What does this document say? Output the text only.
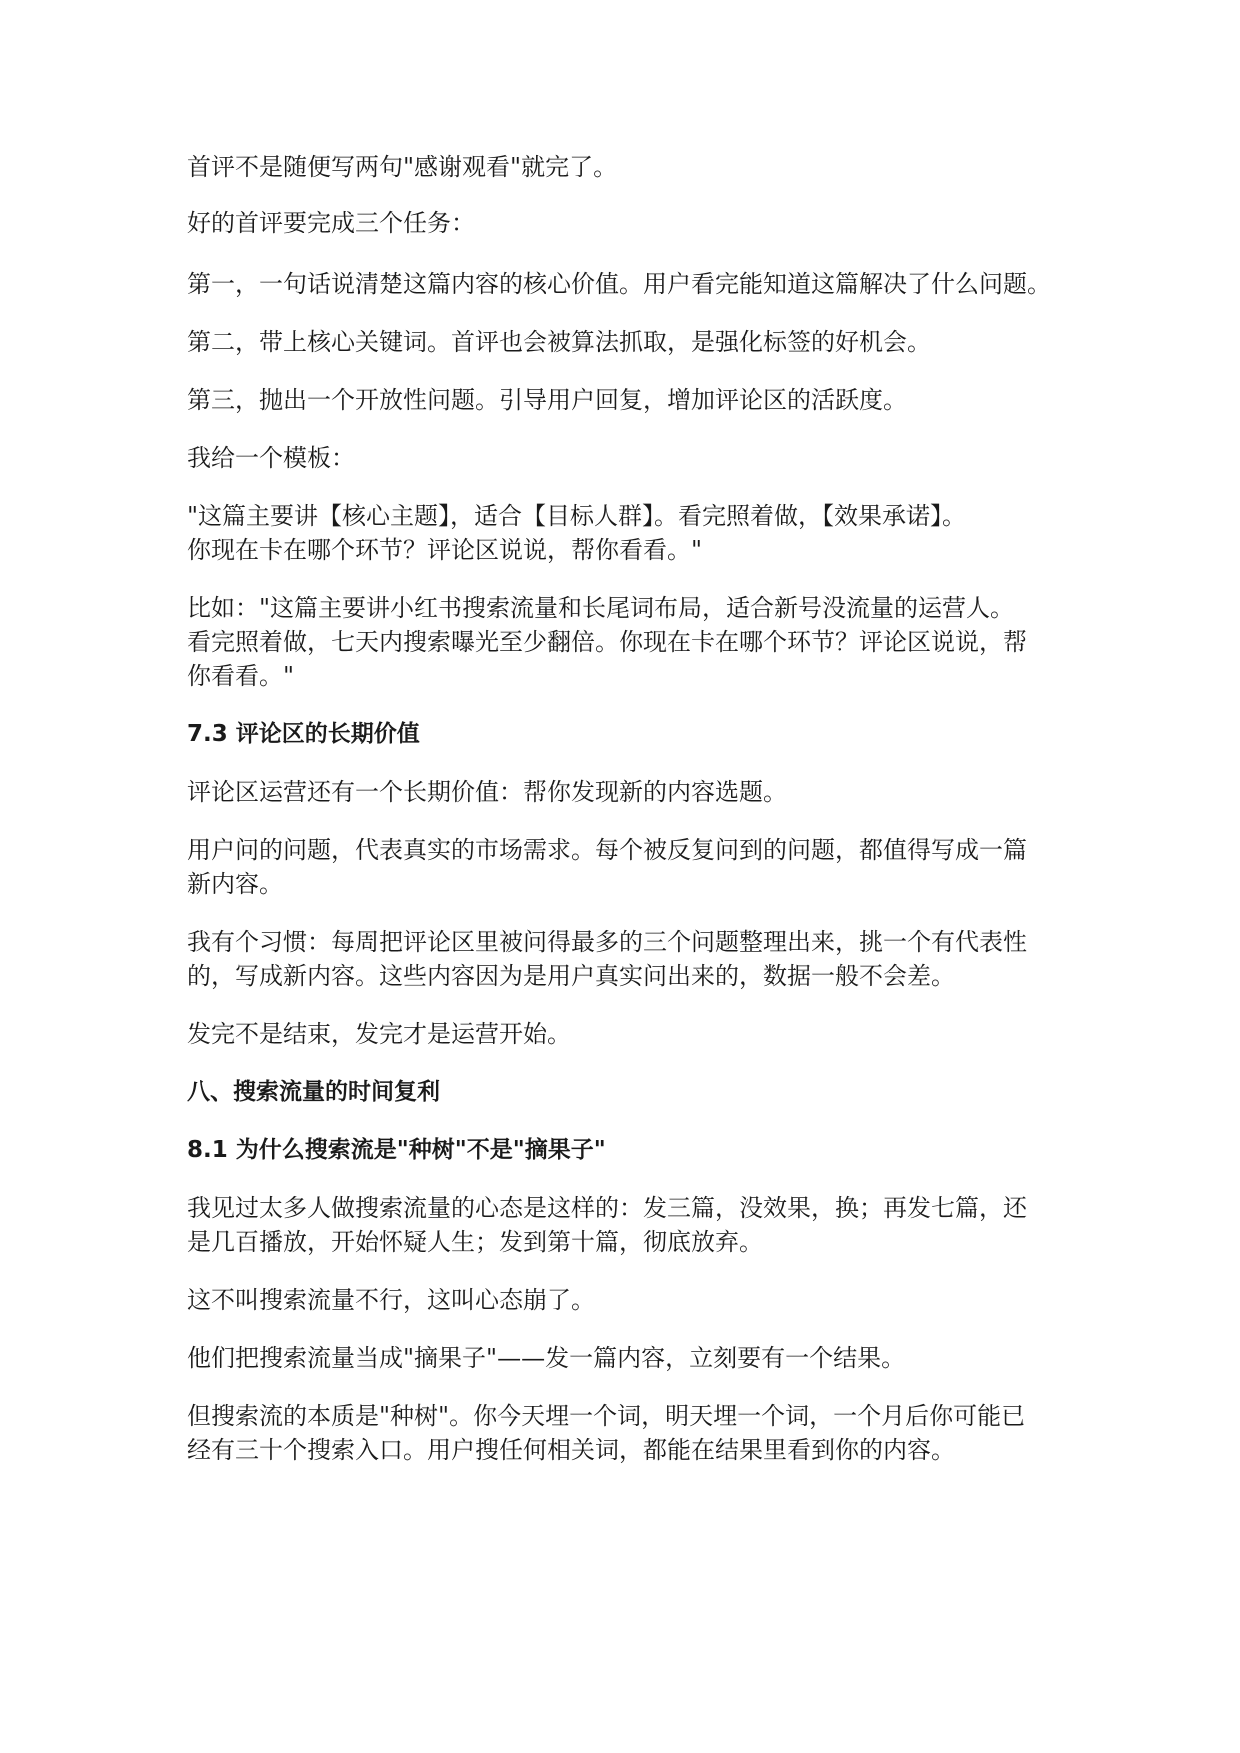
首评不是随便写两句"感谢观看"就完了。

好的首评要完成三个任务：

第一，一句话说清楚这篇内容的核心价值。用户看完能知道这篇解决了什么问题。

第二，带上核心关键词。首评也会被算法抓取，是强化标签的好机会。

第三，抛出一个开放性问题。引导用户回复，增加评论区的活跃度。

我给一个模板：

"这篇主要讲【核心主题】，适合【目标人群】。看完照着做，【效果承诺】。
你现在卡在哪个环节？评论区说说，帮你看看。"

比如："这篇主要讲小红书搜索流量和长尾词布局，适合新号没流量的运营人。
看完照着做，七天内搜索曝光至少翻倍。你现在卡在哪个环节？评论区说说，帮
你看看。"

7.3 评论区的长期价值

评论区运营还有一个长期价值：帮你发现新的内容选题。

用户问的问题，代表真实的市场需求。每个被反复问到的问题，都值得写成一篇
新内容。

我有个习惯：每周把评论区里被问得最多的三个问题整理出来，挑一个有代表性
的，写成新内容。这些内容因为是用户真实问出来的，数据一般不会差。

发完不是结束，发完才是运营开始。

八、搜索流量的时间复利
8.1 为什么搜索流是"种树"不是"摘果子"

我见过太多人做搜索流量的心态是这样的：发三篇，没效果，换；再发七篇，还
是几百播放，开始怀疑人生；发到第十篇，彻底放弃。

这不叫搜索流量不行，这叫心态崩了。

他们把搜索流量当成"摘果子"——发一篇内容，立刻要有一个结果。

但搜索流的本质是"种树"。你今天埋一个词，明天埋一个词，一个月后你可能已
经有三十个搜索入口。用户搜任何相关词，都能在结果里看到你的内容。
